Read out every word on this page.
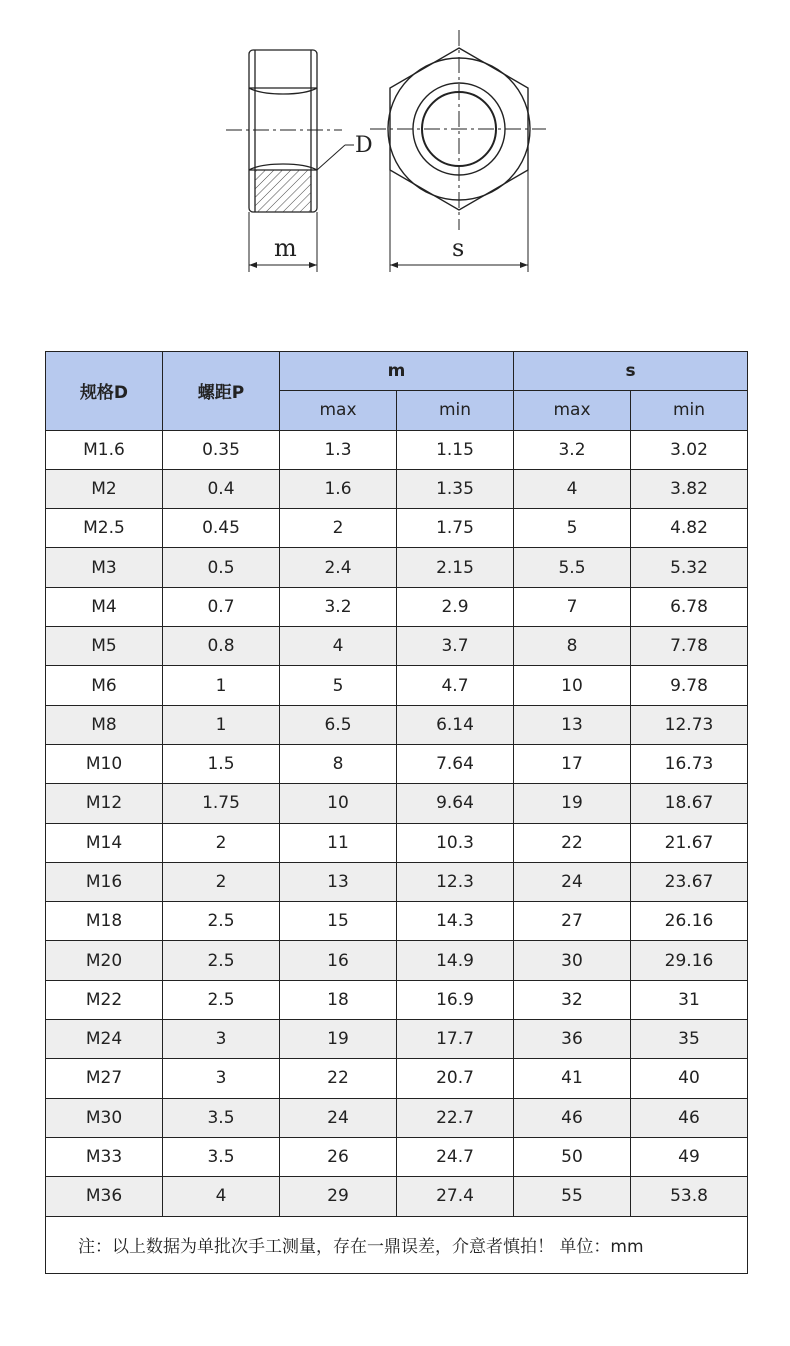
D
m	s
规格D	螺距P	m		s	
		max	min	max	min
M1.6	0.35	1.3	1.15	3.2	3.02
M2	0.4	1.6	1.35	4	3.82
M2.5	0.45	2	1.75	5	4.82
M3	0.5	2.4	2.15	5.5	5.32
M4	0.7	3.2	2.9	7	6.78
M5	0.8	4	3.7	8	7.78
M6	1	5	4.7	10	9.78
M8	1	6.5	6.14	13	12.73
M10	1.5	8	7.64	17	16.73
M12	1.75	10	9.64	19	18.67
M14	2	11	10.3	22	21.67
M16	2	13	12.3	24	23.67
M18	2.5	15	14.3	27	26.16
M20	2.5	16	14.9	30	29.16
M22	2.5	18	16.9	32	31
M24	3	19	17.7	36	35
M27	3	22	20.7	41	40
M30	3.5	24	22.7	46	46
M33	3.5	26	24.7	50	49
M36	4	29	27.4	55	53.8
注：以上数据为单批次手工测量，存在一鼎误差，介意者慎拍！ 单位：mm					
